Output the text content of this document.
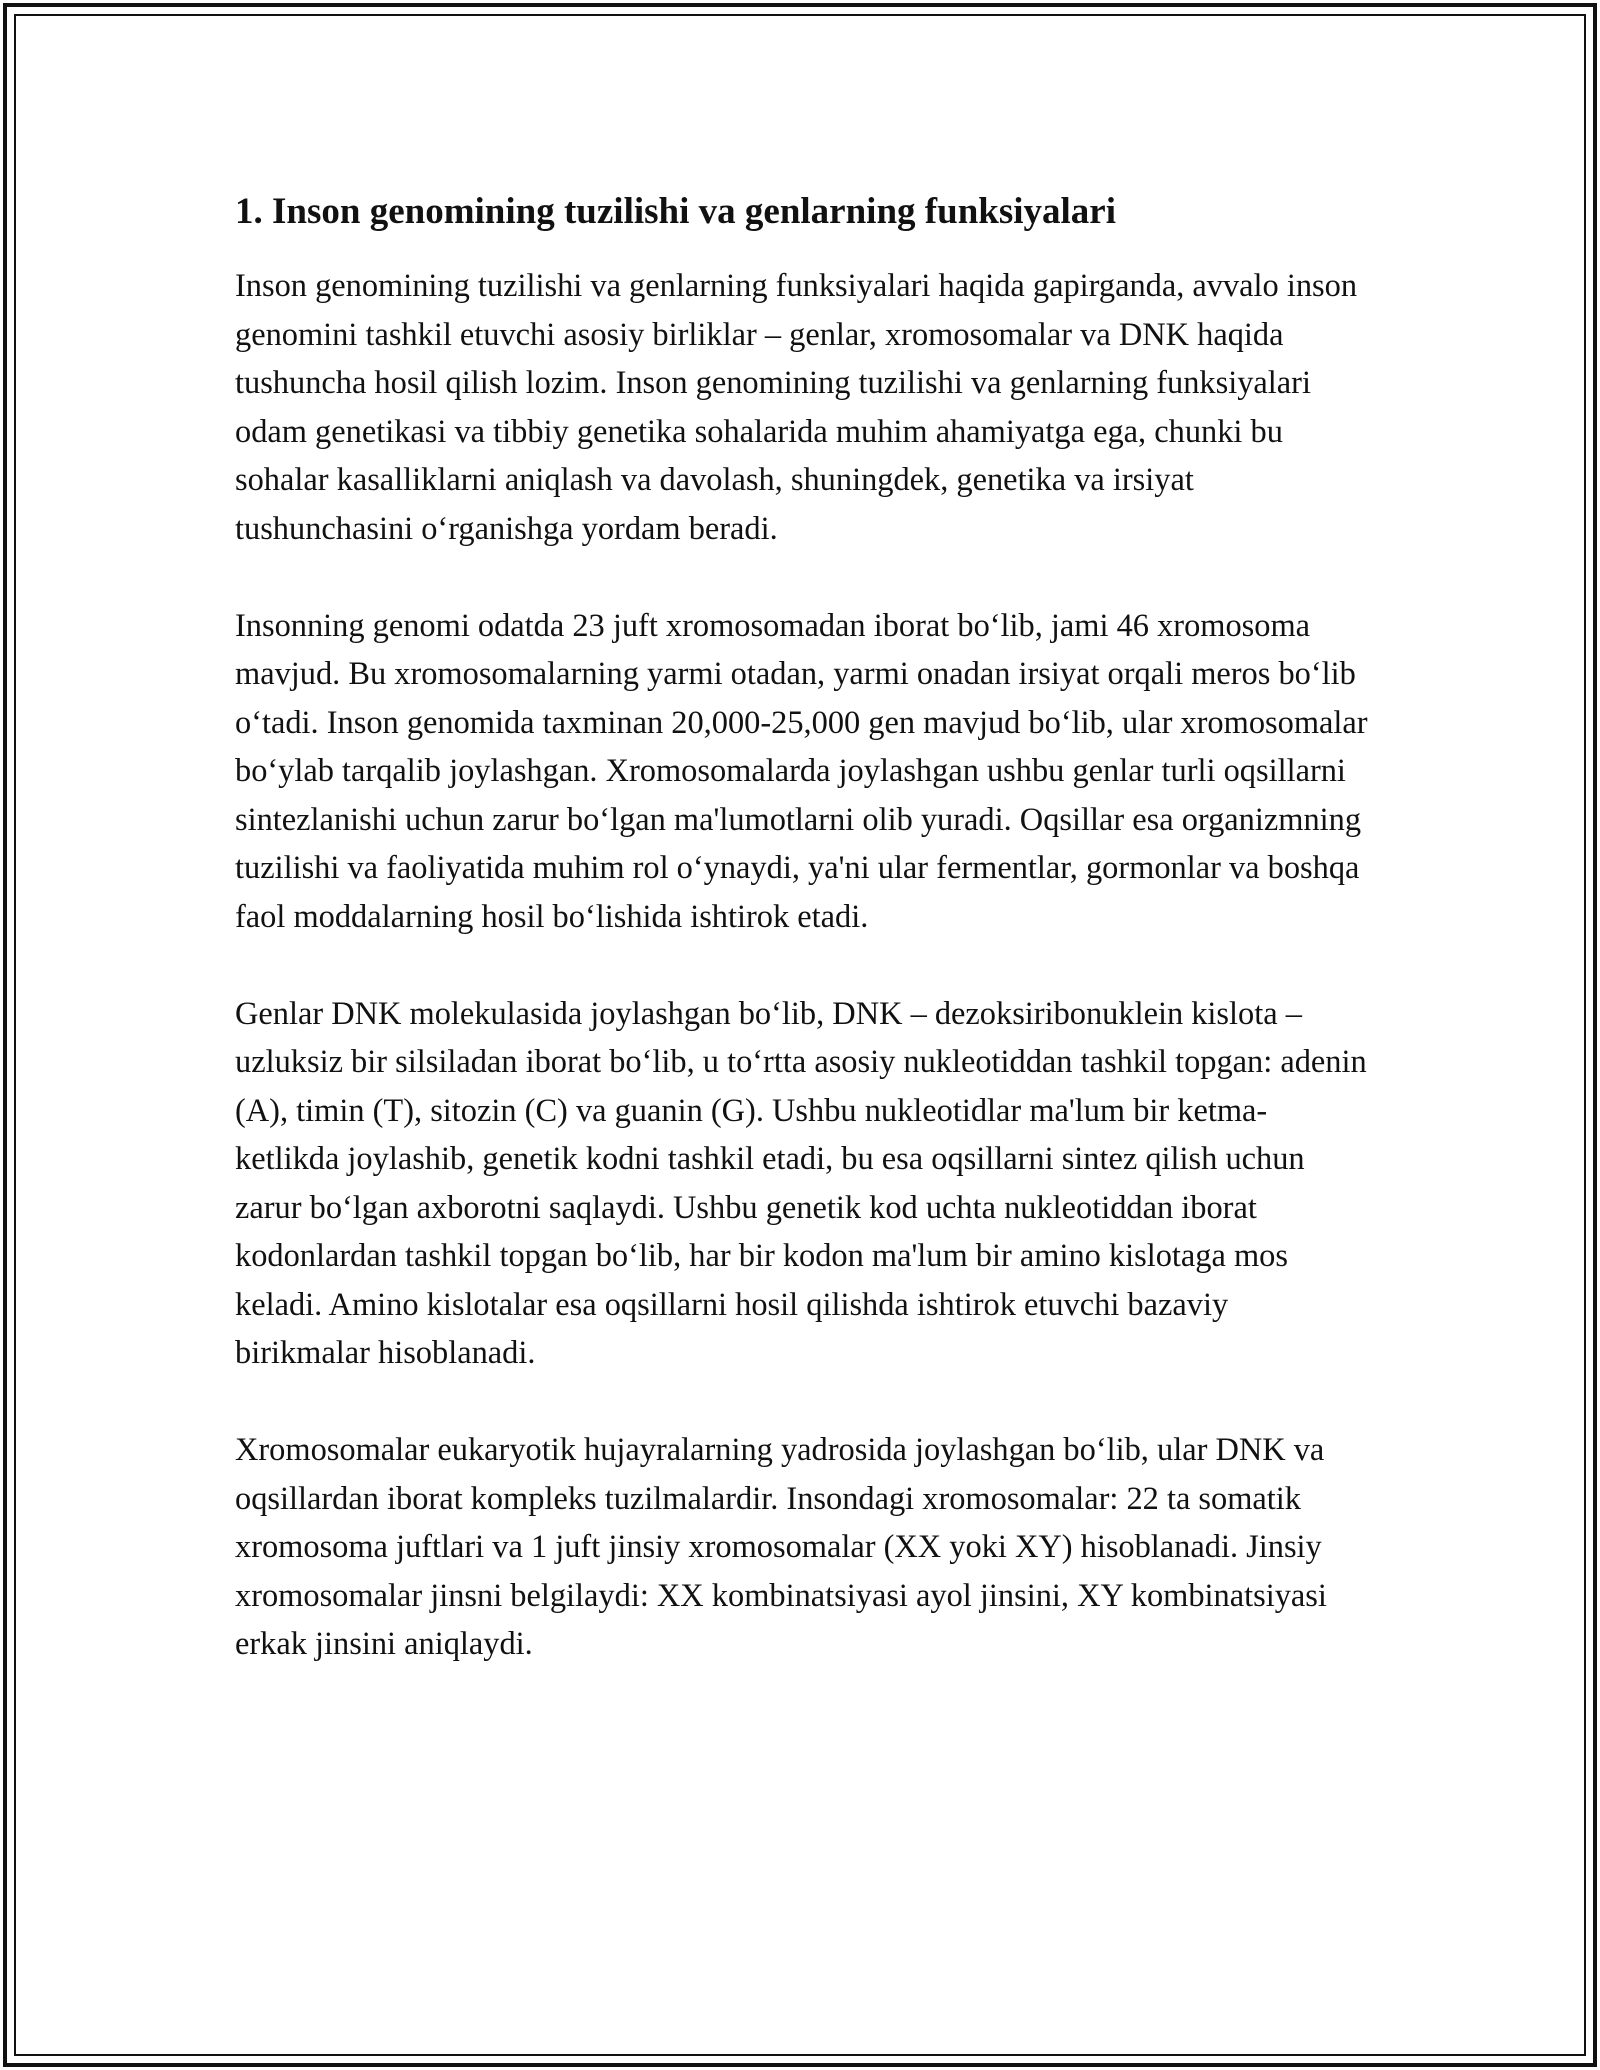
1. Inson genomining tuzilishi va genlarning funksiyalari

Inson genomining tuzilishi va genlarning funksiyalari haqida gapirganda, avvalo inson genomini tashkil etuvchi asosiy birliklar – genlar, xromosomalar va DNK haqida tushuncha hosil qilish lozim. Inson genomining tuzilishi va genlarning funksiyalari odam genetikasi va tibbiy genetika sohalarida muhim ahamiyatga ega, chunki bu sohalar kasalliklarni aniqlash va davolash, shuningdek, genetika va irsiyat tushunchasini o‘rganishga yordam beradi.

Insonning genomi odatda 23 juft xromosomadan iborat bo‘lib, jami 46 xromosoma mavjud. Bu xromosomalarning yarmi otadan, yarmi onadan irsiyat orqali meros bo‘lib o‘tadi. Inson genomida taxminan 20,000-25,000 gen mavjud bo‘lib, ular xromosomalar bo‘ylab tarqalib joylashgan. Xromosomalarda joylashgan ushbu genlar turli oqsillarni sintezlanishi uchun zarur bo‘lgan ma'lumotlarni olib yuradi. Oqsillar esa organizmning tuzilishi va faoliyatida muhim rol o‘ynaydi, ya'ni ular fermentlar, gormonlar va boshqa faol moddalarning hosil bo‘lishida ishtirok etadi.

Genlar DNK molekulasida joylashgan bo‘lib, DNK – dezoksiribonuklein kislota – uzluksiz bir silsiladan iborat bo‘lib, u to‘rtta asosiy nukleotiddan tashkil topgan: adenin (A), timin (T), sitozin (C) va guanin (G). Ushbu nukleotidlar ma'lum bir ketma-ketlikda joylashib, genetik kodni tashkil etadi, bu esa oqsillarni sintez qilish uchun zarur bo‘lgan axborotni saqlaydi. Ushbu genetik kod uchta nukleotiddan iborat kodonlardan tashkil topgan bo‘lib, har bir kodon ma'lum bir amino kislotaga mos keladi. Amino kislotalar esa oqsillarni hosil qilishda ishtirok etuvchi bazaviy birikmalar hisoblanadi.

Xromosomalar eukaryotik hujayralarning yadrosida joylashgan bo‘lib, ular DNK va oqsillardan iborat kompleks tuzilmalardir. Insondagi xromosomalar: 22 ta somatik xromosoma juftlari va 1 juft jinsiy xromosomalar (XX yoki XY) hisoblanadi. Jinsiy xromosomalar jinsni belgilaydi: XX kombinatsiyasi ayol jinsini, XY kombinatsiyasi erkak jinsini aniqlaydi.
